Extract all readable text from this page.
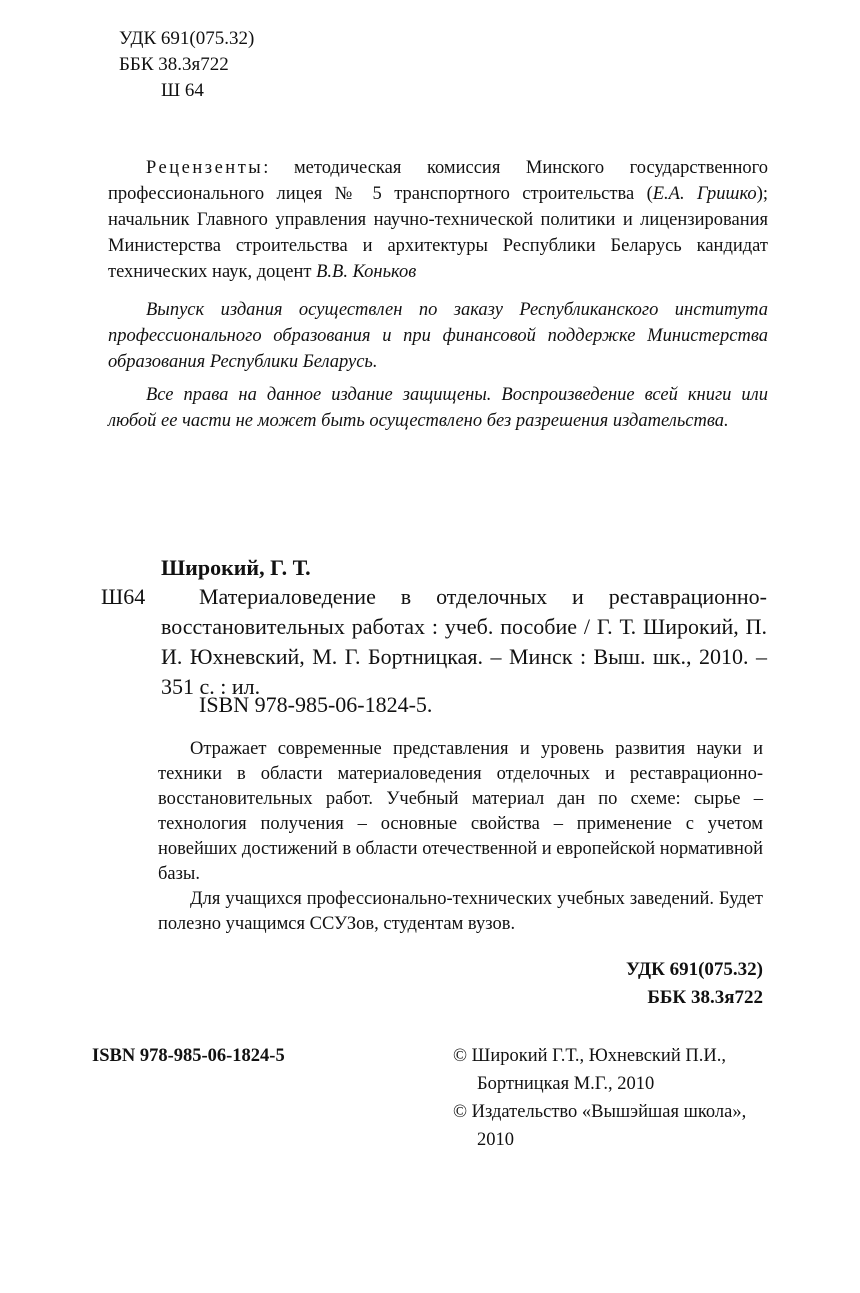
УДК 691(075.32)
ББК 38.3я722
Ш 64
Рецензенты: методическая комиссия Минского государственного профессионального лицея № 5 транспортного строительства (Е.А. Гришко); начальник Главного управления научно-технической политики и лицензирования Министерства строительства и архитектуры Республики Беларусь кандидат технических наук, доцент В.В. Коньков
Выпуск издания осуществлен по заказу Республиканского института профессионального образования и при финансовой поддержке Министерства образования Республики Беларусь.
Все права на данное издание защищены. Воспроизведение всей книги или любой ее части не может быть осуществлено без разрешения издательства.
Широкий, Г. Т.
Ш64	Материаловедение в отделочных и реставрационно-восстановительных работах : учеб. пособие / Г. Т. Широкий, П. И. Юхневский, М. Г. Бортницкая. – Минск : Выш. шк., 2010. – 351 с. : ил.
ISBN 978-985-06-1824-5.

Отражает современные представления и уровень развития науки и техники в области материаловедения отделочных и реставрационно-восстановительных работ. Учебный материал дан по схеме: сырье – технология получения – основные свойства – применение с учетом новейших достижений в области отечественной и европейской нормативной базы.

Для учащихся профессионально-технических учебных заведений. Будет полезно учащимся ССУЗов, студентам вузов.

УДК 691(075.32)
ББК 38.3я722
ISBN 978-985-06-1824-5	© Широкий Г.Т., Юхневский П.И.,
Бортницкая М.Г., 2010
© Издательство «Вышэйшая школа»,
2010
